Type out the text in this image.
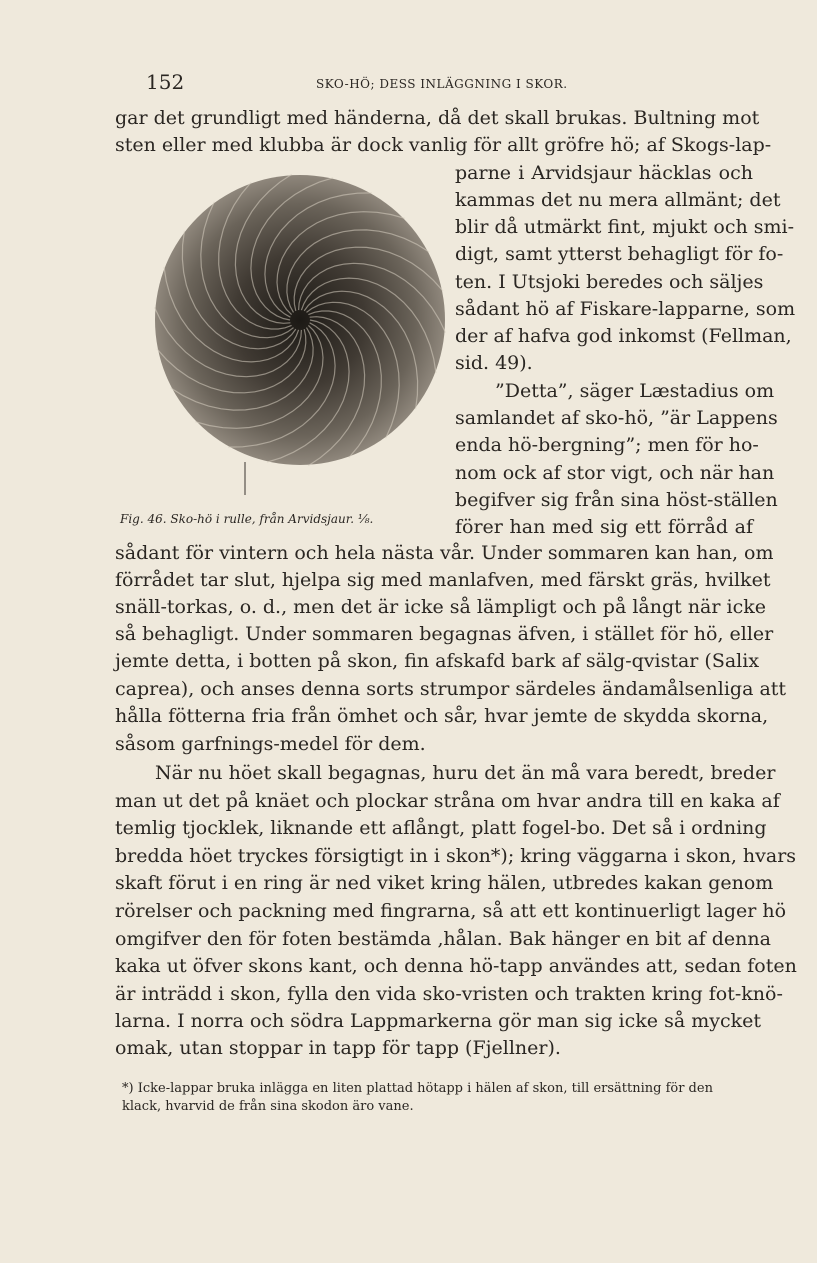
152	SKO-HÖ; DESS INLÄGGNING I SKOR.
gar det grundligt med händerna, då det skall brukas. Bultning mot
sten eller med klubba är dock vanlig för allt gröfre hö; af Skogs-lap-
parne i Arvidsjaur häcklas och
kammas det nu mera allmänt; det
blir då utmärkt fint, mjukt och smi-
digt, samt ytterst behagligt för fo-
ten. I Utsjoki beredes och säljes
sådant hö af Fiskare-lapparne, som
der af hafva god inkomst (Fellman,
sid. 49).
”Detta”, säger Læstadius om
samlandet af sko-hö, ”är Lappens
enda hö-bergning”; men för ho-
nom ock af stor vigt, och när han
begifver sig från sina höst-ställen
förer han med sig ett förråd af
sådant för vintern och hela nästa vår. Under sommaren kan han, om
förrådet tar slut, hjelpa sig med manlafven, med färskt gräs, hvilket
snäll-torkas, o. d., men det är icke så lämpligt och på långt när icke
så behagligt. Under sommaren begagnas äfven, i stället för hö, eller
jemte detta, i botten på skon, fin afskafd bark af sälg-qvistar (Salix
caprea), och anses denna sorts strumpor särdeles ändamålsenliga att
hålla fötterna fria från ömhet och sår, hvar jemte de skydda skorna,
såsom garfnings-medel för dem.
När nu höet skall begagnas, huru det än må vara beredt, breder
man ut det på knäet och plockar stråna om hvar andra till en kaka af
temlig tjocklek, liknande ett aflångt, platt fogel-bo. Det så i ordning
bredda höet tryckes försigtigt in i skon*); kring väggarna i skon, hvars
skaft förut i en ring är ned viket kring hälen, utbredes kakan genom
rörelser och packning med fingrarna, så att ett kontinuerligt lager hö
omgifver den för foten bestämda ‚hålan. Bak hänger en bit af denna
kaka ut öfver skons kant, och denna hö-tapp användes att, sedan foten
är inträdd i skon, fylla den vida sko-vristen och trakten kring fot-knö-
larna. I norra och södra Lappmarkerna gör man sig icke så mycket
omak, utan stoppar in tapp för tapp (Fjellner).
Fig. 46. Sko-hö i rulle, från Arvidsjaur. ⅛.
*) Icke-lappar bruka inlägga en liten plattad hötapp i hälen af skon, till ersättning för den
klack, hvarvid de från sina skodon äro vane.
